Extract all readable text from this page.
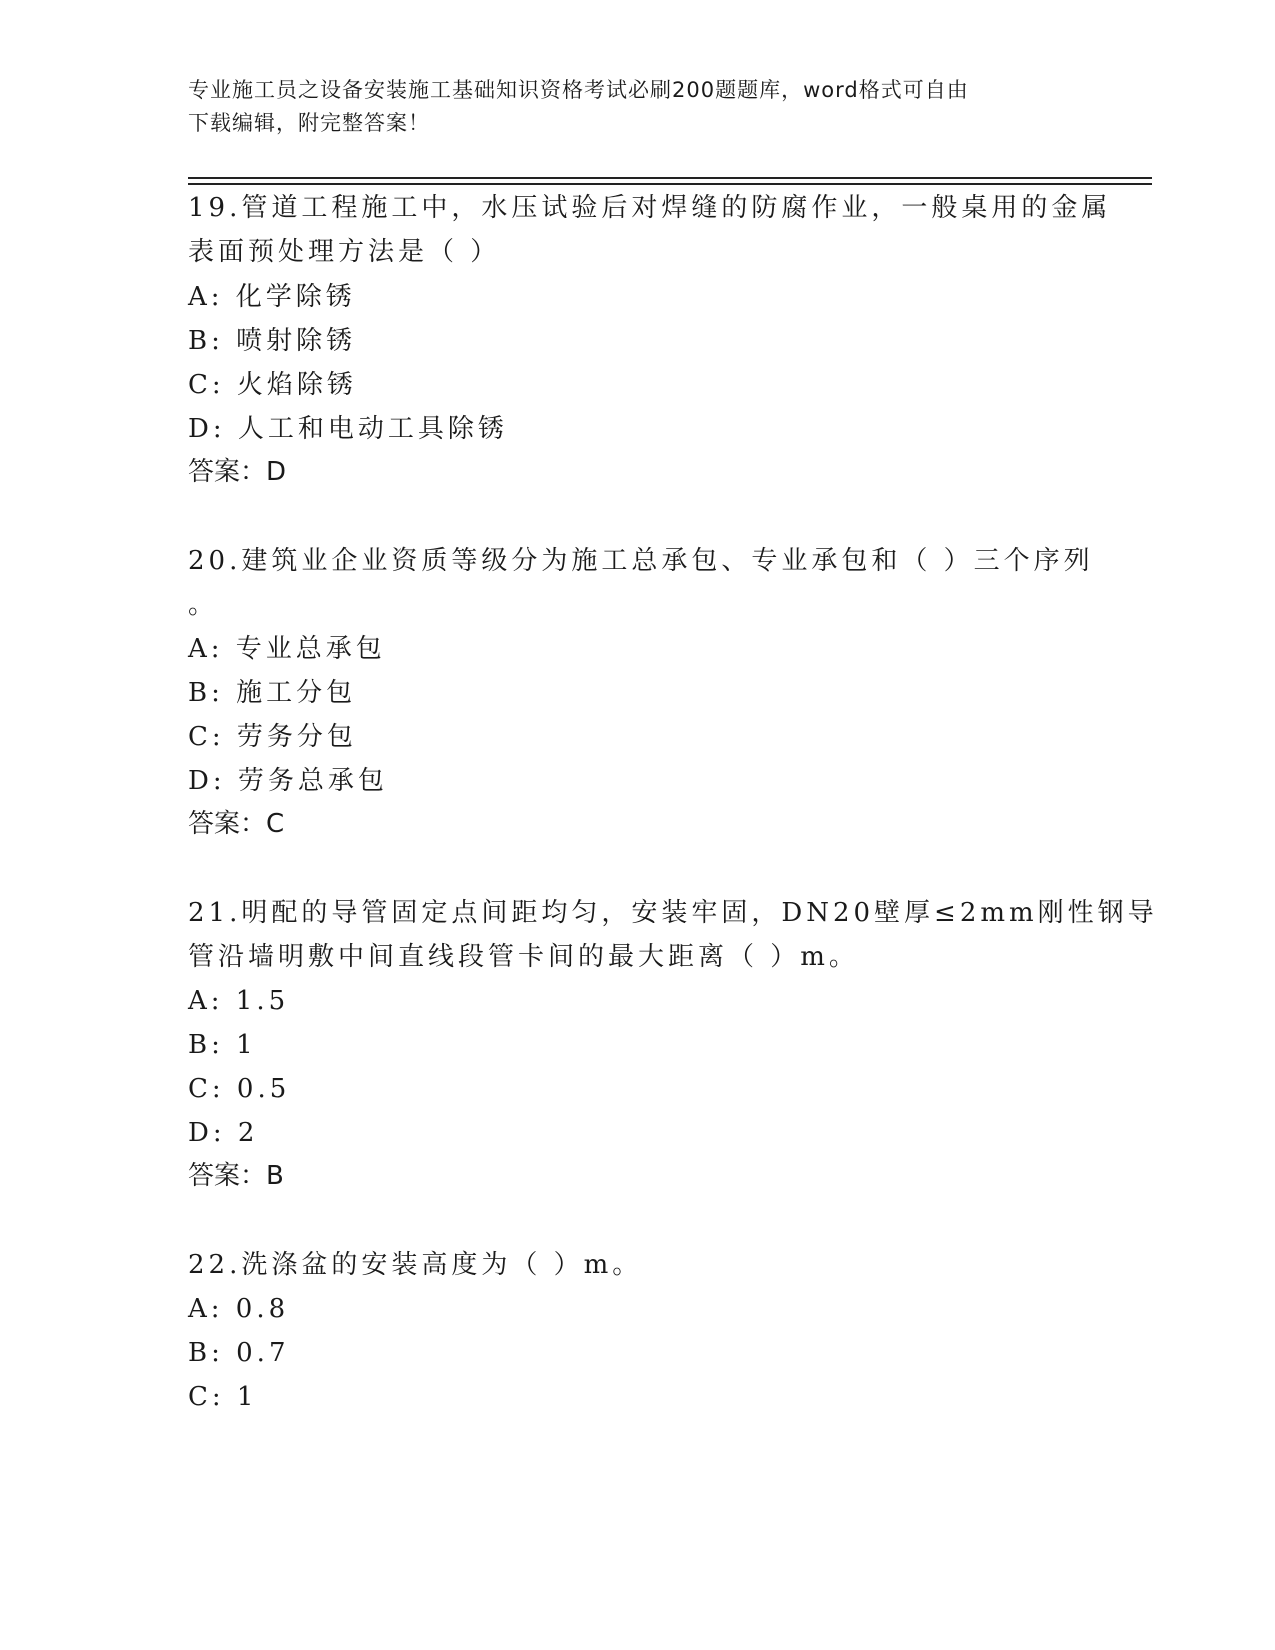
专业施工员之设备安装施工基础知识资格考试必刷200题题库，word格式可自由
下载编辑，附完整答案！
19.管道工程施工中，水压试验后对焊缝的防腐作业，一般桌用的金属
表面预处理方法是（ ）
A: 化学除锈
B: 喷射除锈
C: 火焰除锈
D: 人工和电动工具除锈
答案：D
20.建筑业企业资质等级分为施工总承包、专业承包和（ ）三个序列
。
A: 专业总承包
B: 施工分包
C: 劳务分包
D: 劳务总承包
答案：C
21.明配的导管固定点间距均匀，安装牢固，DN20壁厚≤2mm刚性钢导
管沿墙明敷中间直线段管卡间的最大距离（ ）m。
A: 1.5
B: 1
C: 0.5
D: 2
答案：B
22.洗涤盆的安装高度为（ ）m。
A: 0.8
B: 0.7
C: 1
